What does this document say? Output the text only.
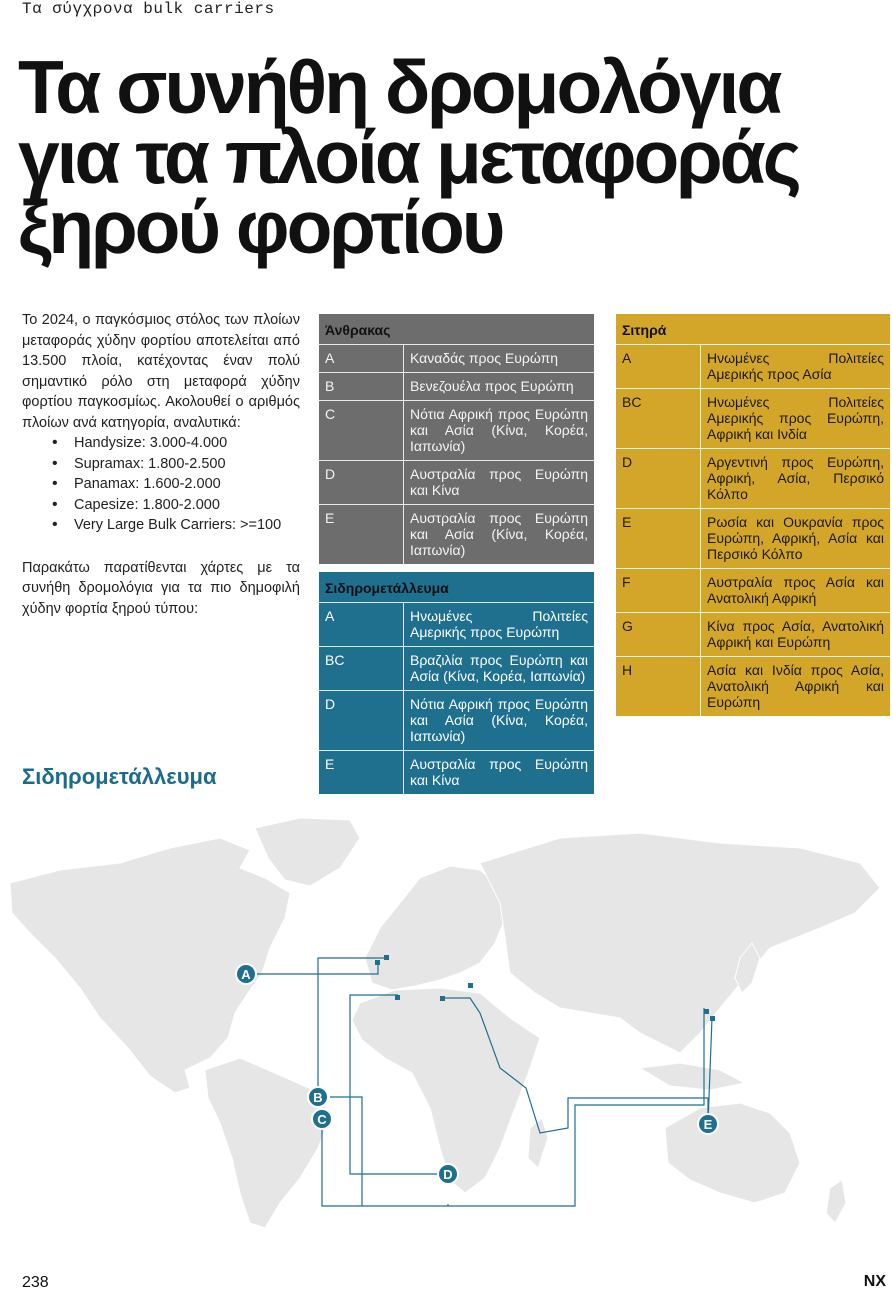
Τα σύγχρονα bulk carriers
Τα συνήθη δρομολόγια
για τα πλοία μεταφοράς
ξηρού φορτίου

Το 2024, ο παγκόσμιος στόλος των πλοίων μεταφοράς χύδην φορτίου αποτελείται από 13.500 πλοία, κατέχοντας έναν πολύ σημαντικό ρόλο στη μεταφορά χύδην φορτίου παγκοσμίως. Ακολουθεί ο αριθμός πλοίων ανά κατηγορία, αναλυτικά:

• Handysize: 3.000-4.000
• Supramax: 1.800-2.500
• Panamax: 1.600-2.000
• Capesize: 1.800-2.000
• Very Large Bulk Carriers: >=100

Παρακάτω παρατίθενται χάρτες με τα συνήθη δρομολόγια για τα πιο δημοφιλή χύδην φορτία ξηρού τύπου:

Άνθρακας	
A	Καναδάς προς Ευρώπη
B	Βενεζουέλα προς Ευρώπη
C	Νότια Αφρική προς Ευρώπη και Ασία (Κίνα, Κορέα, Ιαπωνία)
D	Αυστραλία προς Ευρώπη και Κίνα
E	Αυστραλία προς Ευρώπη και Ασία (Κίνα, Κορέα, Ιαπωνία)
Σιδηρομετάλλευμα	
A	Ηνωμένες Πολιτείες Αμερικής προς Ευρώπη
BC	Βραζιλία προς Ευρώπη και Ασία (Κίνα, Κορέα, Ιαπωνία)
D	Νότια Αφρική προς Ευρώπη και Ασία (Κίνα, Κορέα, Ιαπωνία)
E	Αυστραλία προς Ευρώπη και Κίνα
Σιτηρά	
A	Ηνωμένες Πολιτείες Αμερικής προς Ασία
BC	Ηνωμένες Πολιτείες Αμερικής προς Ευρώπη, Αφρική και Ινδία
D	Αργεντινή προς Ευρώπη, Αφρική, Ασία, Περσικό Κόλπο
E	Ρωσία και Ουκρανία προς Ευρώπη, Αφρική, Ασία και Περσικό Κόλπο
F	Αυστραλία προς Ασία και Ανατολική Αφρική
G	Κίνα προς Ασία, Ανατολική Αφρική και Ευρώπη
H	Ασία και Ινδία προς Ασία, Ανατολική Αφρική και Ευρώπη
Σιδηρομετάλλευμα
A
B
C
D
E
238	NX
